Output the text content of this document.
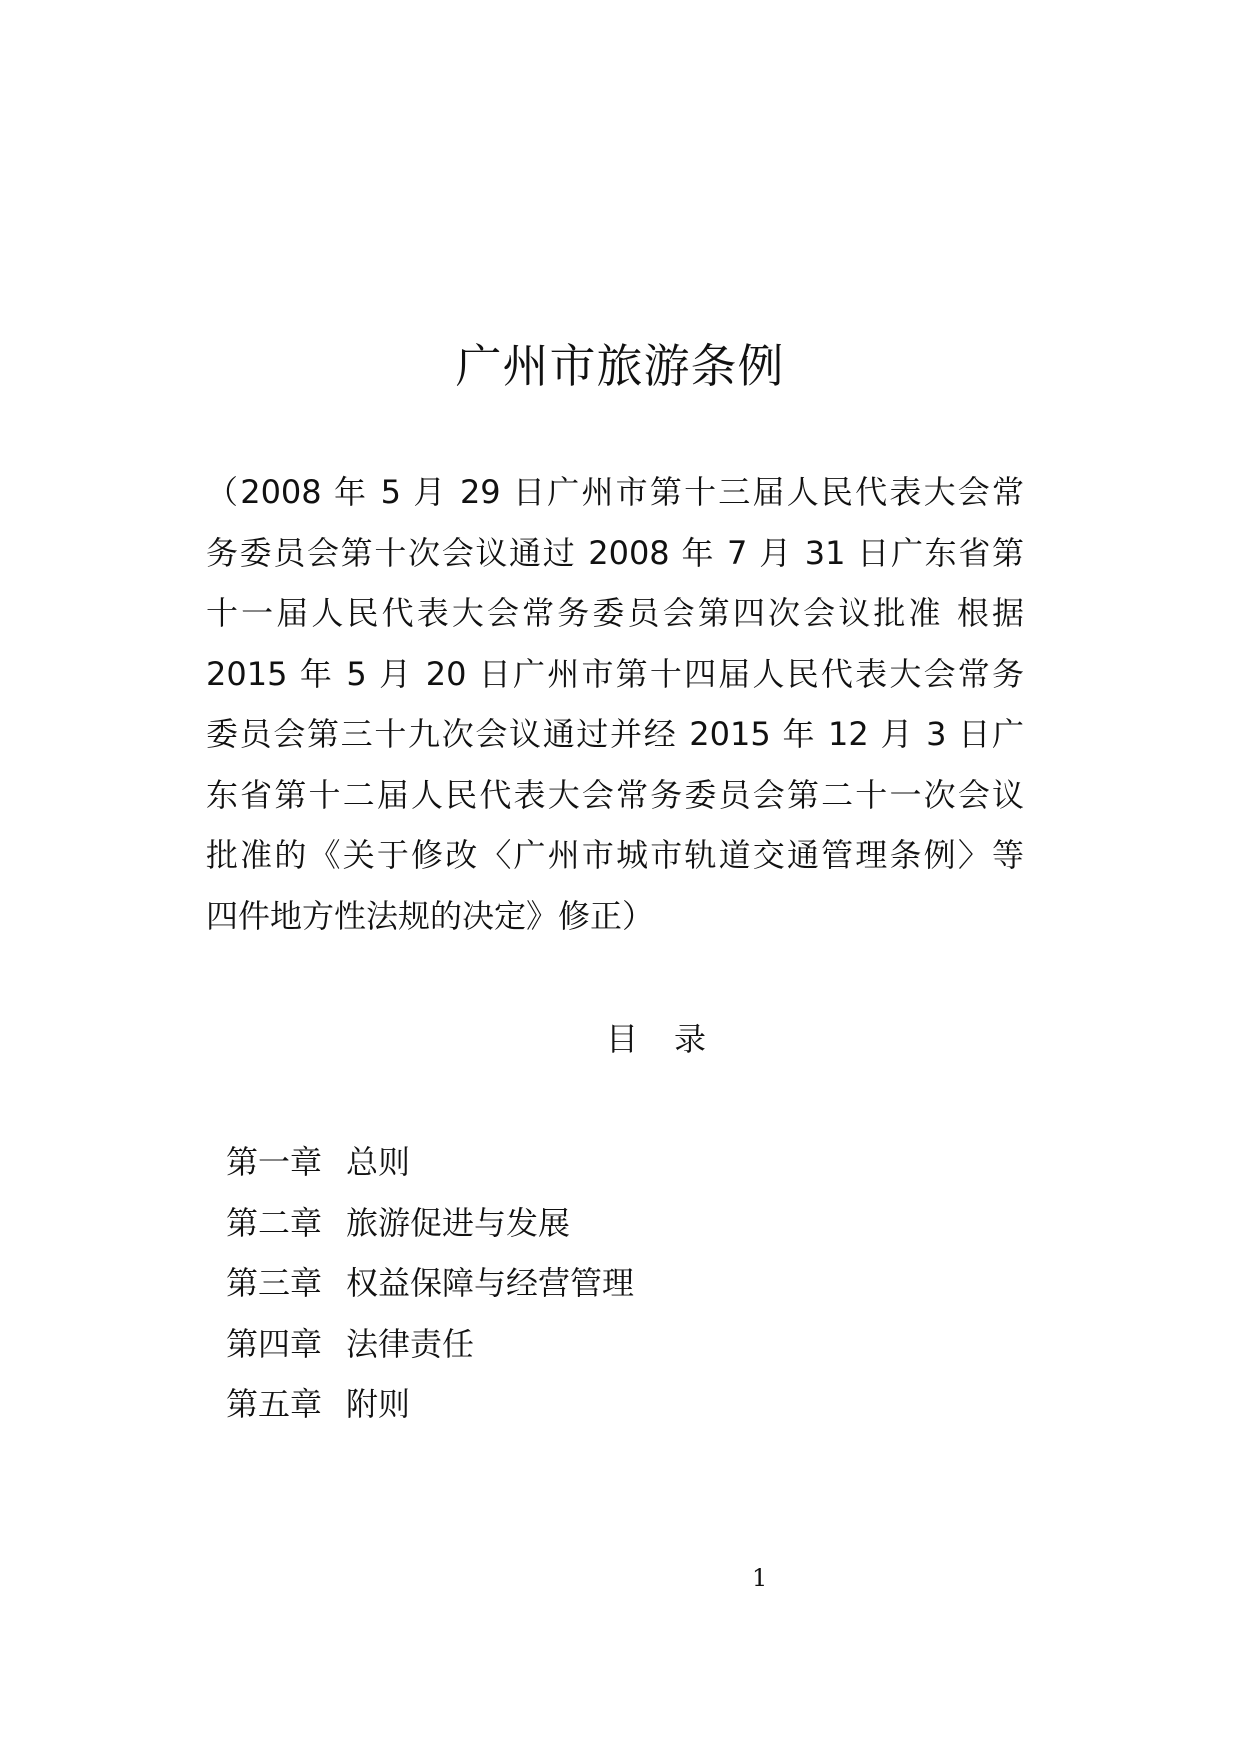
广州市旅游条例
（2008 年 5 月 29 日广州市第十三届人民代表大会常
务委员会第十次会议通过 2008 年 7 月 31 日广东省第
十一届人民代表大会常务委员会第四次会议批准 根据
2015 年 5 月 20 日广州市第十四届人民代表大会常务
委员会第三十九次会议通过并经 2015 年 12 月 3 日广
东省第十二届人民代表大会常务委员会第二十一次会议
批准的《关于修改〈广州市城市轨道交通管理条例〉等
四件地方性法规的决定》修正）
目 录
第一章 总则
第二章 旅游促进与发展
第三章 权益保障与经营管理
第四章 法律责任
第五章 附则
1
